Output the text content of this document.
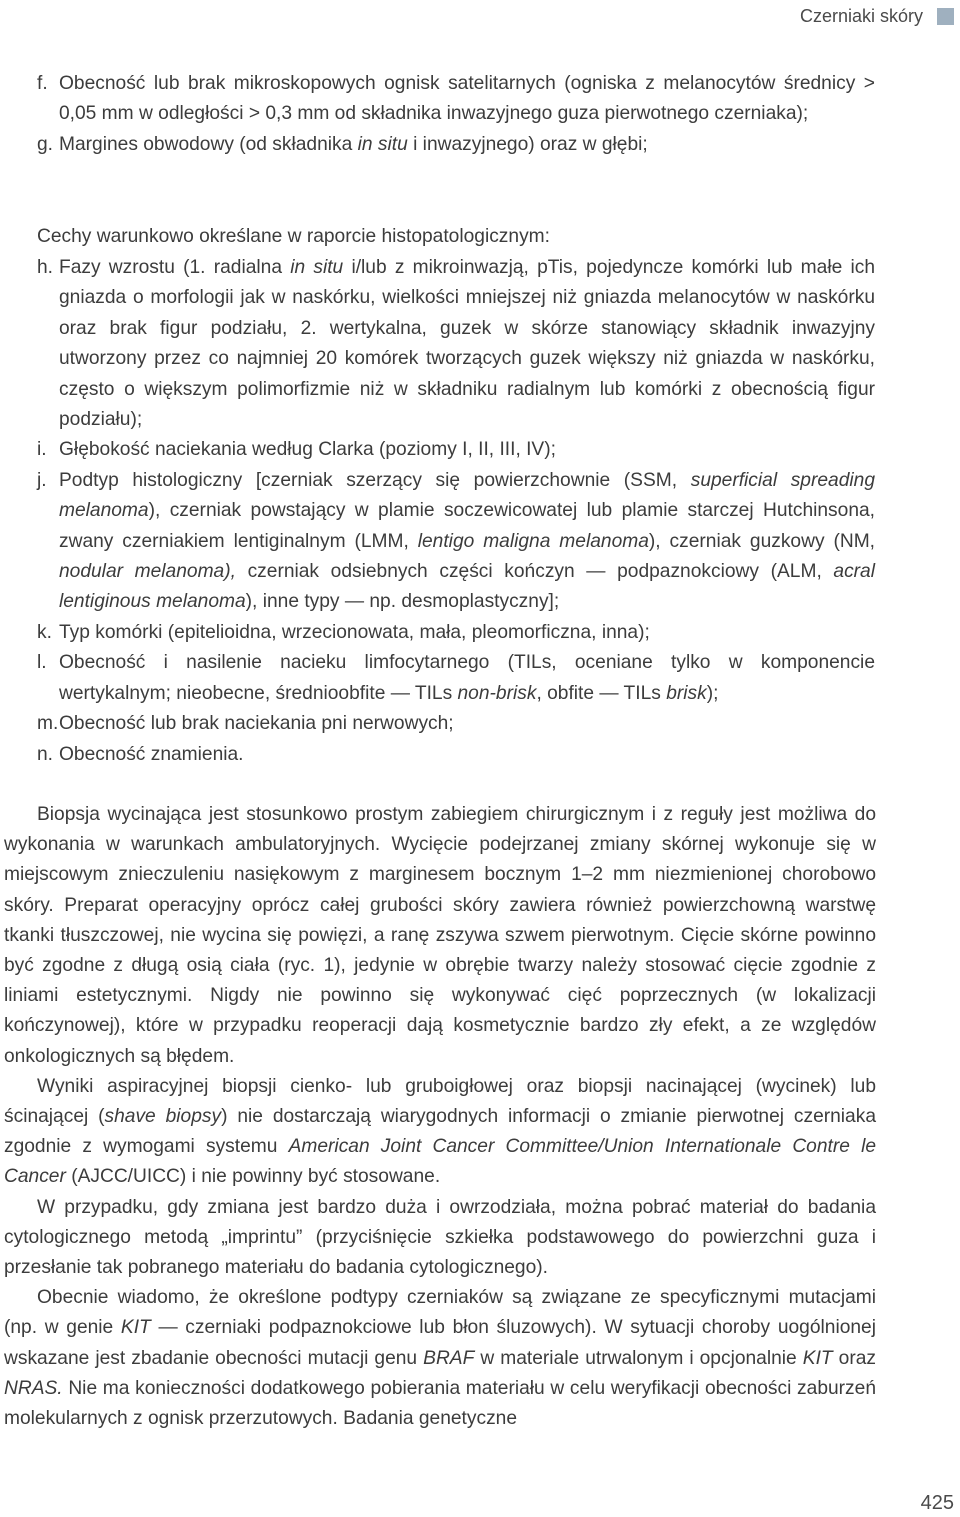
Czerniaki skóry
f. Obecność lub brak mikroskopowych ognisk satelitarnych (ogniska z melanocytów średnicy > 0,05 mm w odległości > 0,3 mm od składnika inwazyjnego guza pierwotnego czerniaka);
g. Margines obwodowy (od składnika in situ i inwazyjnego) oraz w głębi;
Cechy warunkowo określane w raporcie histopatologicznym:
h. Fazy wzrostu (1. radialna in situ i/lub z mikroinwazją, pTis, pojedyncze komórki lub małe ich gniazda o morfologii jak w naskórku, wielkości mniejszej niż gniazda melanocytów w naskórku oraz brak figur podziału, 2. wertykalna, guzek w skórze stanowiący składnik inwazyjny utworzony przez co najmniej 20 komórek tworzących guzek większy niż gniazda w naskórku, często o większym polimorfizmie niż w składniku radialnym lub komórki z obecnością figur podziału);
i. Głębokość naciekania według Clarka (poziomy I, II, III, IV);
j. Podtyp histologiczny [czerniak szerzący się powierzchownie (SSM, superficial spreading melanoma), czerniak powstający w plamie soczewicowatej lub plamie starczej Hutchinsona, zwany czerniakiem lentiginalnym (LMM, lentigo maligna melanoma), czerniak guzkowy (NM, nodular melanoma), czerniak odsiebnych części kończyn — podpaznokciowy (ALM, acral lentiginous melanoma), inne typy — np. desmoplastyczny];
k. Typ komórki (epitelioidna, wrzecionowata, mała, pleomorficzna, inna);
l. Obecność i nasilenie nacieku limfocytarnego (TILs, oceniane tylko w komponencie wertykalnym; nieobecne, średnioobfite — TILs non-brisk, obfite — TILs brisk);
m. Obecność lub brak naciekania pni nerwowych;
n. Obecność znamienia.

Biopsja wycinająca jest stosunkowo prostym zabiegiem chirurgicznym i z reguły jest możliwa do wykonania w warunkach ambulatoryjnych. Wycięcie podejrzanej zmiany skórnej wykonuje się w miejscowym znieczuleniu nasiękowym z marginesem bocznym 1–2 mm niezmienionej chorobowo skóry. Preparat operacyjny oprócz całej grubości skóry zawiera również powierzchowną warstwę tkanki tłuszczowej, nie wycina się powięzi, a ranę zszywa szwem pierwotnym. Cięcie skórne powinno być zgodne z długą osią ciała (ryc. 1), jedynie w obrębie twarzy należy stosować cięcie zgodnie z liniami estetycznymi. Nigdy nie powinno się wykonywać cięć poprzecznych (w lokalizacji kończynowej), które w przypadku reoperacji dają kosmetycznie bardzo zły efekt, a ze względów onkologicznych są błędem.

Wyniki aspiracyjnej biopsji cienko- lub gruboigłowej oraz biopsji nacinającej (wycinek) lub ścinającej (shave biopsy) nie dostarczają wiarygodnych informacji o zmianie pierwotnej czerniaka zgodnie z wymogami systemu American Joint Cancer Committee/Union Internationale Contre le Cancer (AJCC/UICC) i nie powinny być stosowane.

W przypadku, gdy zmiana jest bardzo duża i owrzodziała, można pobrać materiał do badania cytologicznego metodą „imprintu” (przyciśnięcie szkiełka podstawowego do powierzchni guza i przesłanie tak pobranego materiału do badania cytologicznego).

Obecnie wiadomo, że określone podtypy czerniaków są związane ze specyficznymi mutacjami (np. w genie KIT — czerniaki podpaznokciowe lub błon śluzowych). W sytuacji choroby uogólnionej wskazane jest zbadanie obecności mutacji genu BRAF w materiale utrwalonym i opcjonalnie KIT oraz NRAS. Nie ma konieczności dodatkowego pobierania materiału w celu weryfikacji obecności zaburzeń molekularnych z ognisk przerzutowych. Badania genetyczne

425
